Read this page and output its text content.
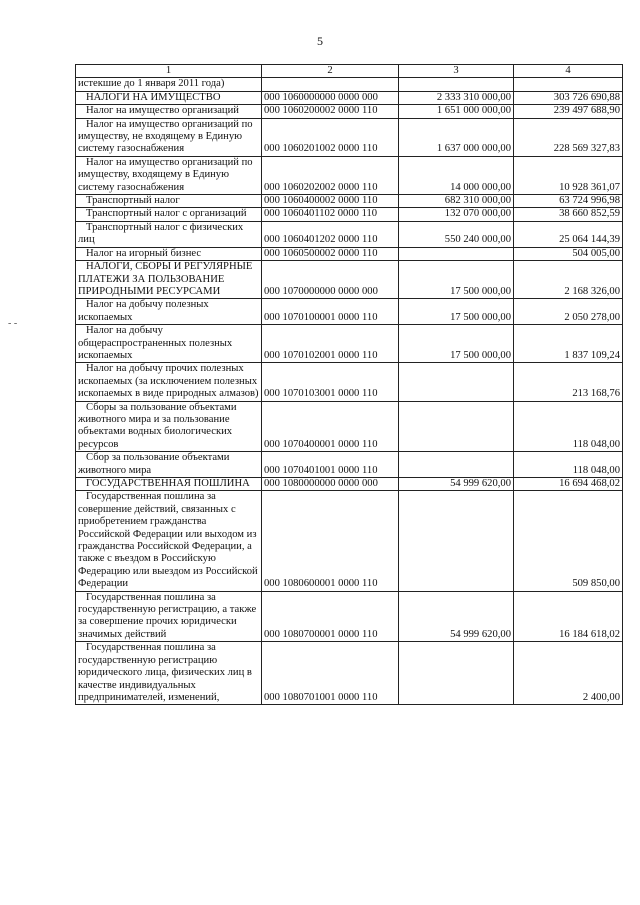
5
- -
1	2	3	4

истекшие до 1 января 2011 года)			

НАЛОГИ НА ИМУЩЕСТВО	000 1060000000 0000 000	2 333 310 000,00	303 726 690,88

Налог на имущество организаций	000 1060200002 0000 110	1 651 000 000,00	239 497 688,90

Налог на имущество организаций по имуществу, не входящему в Единую систему газоснабжения	000 1060201002 0000 110	1 637 000 000,00	228 569 327,83

Налог на имущество организаций по имуществу, входящему в Единую систему газоснабжения	000 1060202002 0000 110	14 000 000,00	10 928 361,07

Транспортный налог	000 1060400002 0000 110	682 310 000,00	63 724 996,98

Транспортный налог с организаций	000 1060401102 0000 110	132 070 000,00	38 660 852,59

Транспортный налог с физических лиц	000 1060401202 0000 110	550 240 000,00	25 064 144,39

Налог на игорный бизнес	000 1060500002 0000 110		504 005,00

НАЛОГИ, СБОРЫ И РЕГУЛЯРНЫЕ ПЛАТЕЖИ ЗА ПОЛЬЗОВАНИЕ ПРИРОДНЫМИ РЕСУРСАМИ	000 1070000000 0000 000	17 500 000,00	2 168 326,00

Налог на добычу полезных ископаемых	000 1070100001 0000 110	17 500 000,00	2 050 278,00

Налог на добычу общераспространенных полезных ископаемых	000 1070102001 0000 110	17 500 000,00	1 837 109,24

Налог на добычу прочих полезных ископаемых (за исключением полезных ископаемых в виде природных алмазов)	000 1070103001 0000 110		213 168,76

Сборы за пользование объектами животного мира и за пользование объектами водных биологических ресурсов	000 1070400001 0000 110		118 048,00

Сбор за пользование объектами животного мира	000 1070401001 0000 110		118 048,00

ГОСУДАРСТВЕННАЯ ПОШЛИНА	000 1080000000 0000 000	54 999 620,00	16 694 468,02

Государственная пошлина за совершение действий, связанных с приобретением гражданства Российской Федерации или выходом из гражданства Российской Федерации, а также с въездом в Российскую Федерацию или выездом из Российской Федерации	000 1080600001 0000 110		509 850,00

Государственная пошлина за государственную регистрацию, а также за совершение прочих юридически значимых действий	000 1080700001 0000 110	54 999 620,00	16 184 618,02

Государственная пошлина за государственную регистрацию юридического лица, физических лиц в качестве индивидуальных предпринимателей, изменений,	000 1080701001 0000 110		2 400,00
